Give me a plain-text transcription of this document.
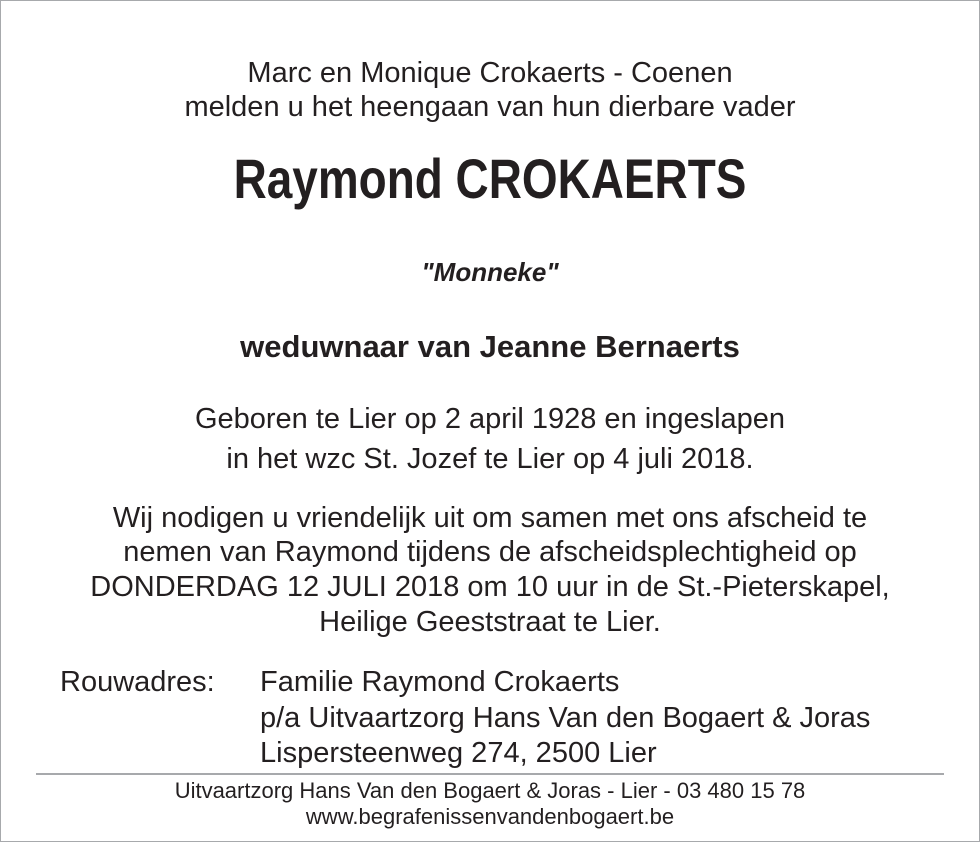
Marc en Monique Crokaerts - Coenen
melden u het heengaan van hun dierbare vader
Raymond CROKAERTS
"Monneke"
weduwnaar van Jeanne Bernaerts
Geboren te Lier op 2 april 1928 en ingeslapen
in het wzc St. Jozef te Lier op 4 juli 2018.
Wij nodigen u vriendelijk uit om samen met ons afscheid te
nemen van Raymond tijdens de afscheidsplechtigheid op
DONDERDAG 12 JULI 2018 om 10 uur in de St.-Pieterskapel,
Heilige Geeststraat te Lier.
Rouwadres: Familie Raymond Crokaerts
p/a Uitvaartzorg Hans Van den Bogaert & Joras
Lispersteenweg 274, 2500 Lier
Uitvaartzorg Hans Van den Bogaert & Joras - Lier - 03 480 15 78
www.begrafenissenvandenbogaert.be
